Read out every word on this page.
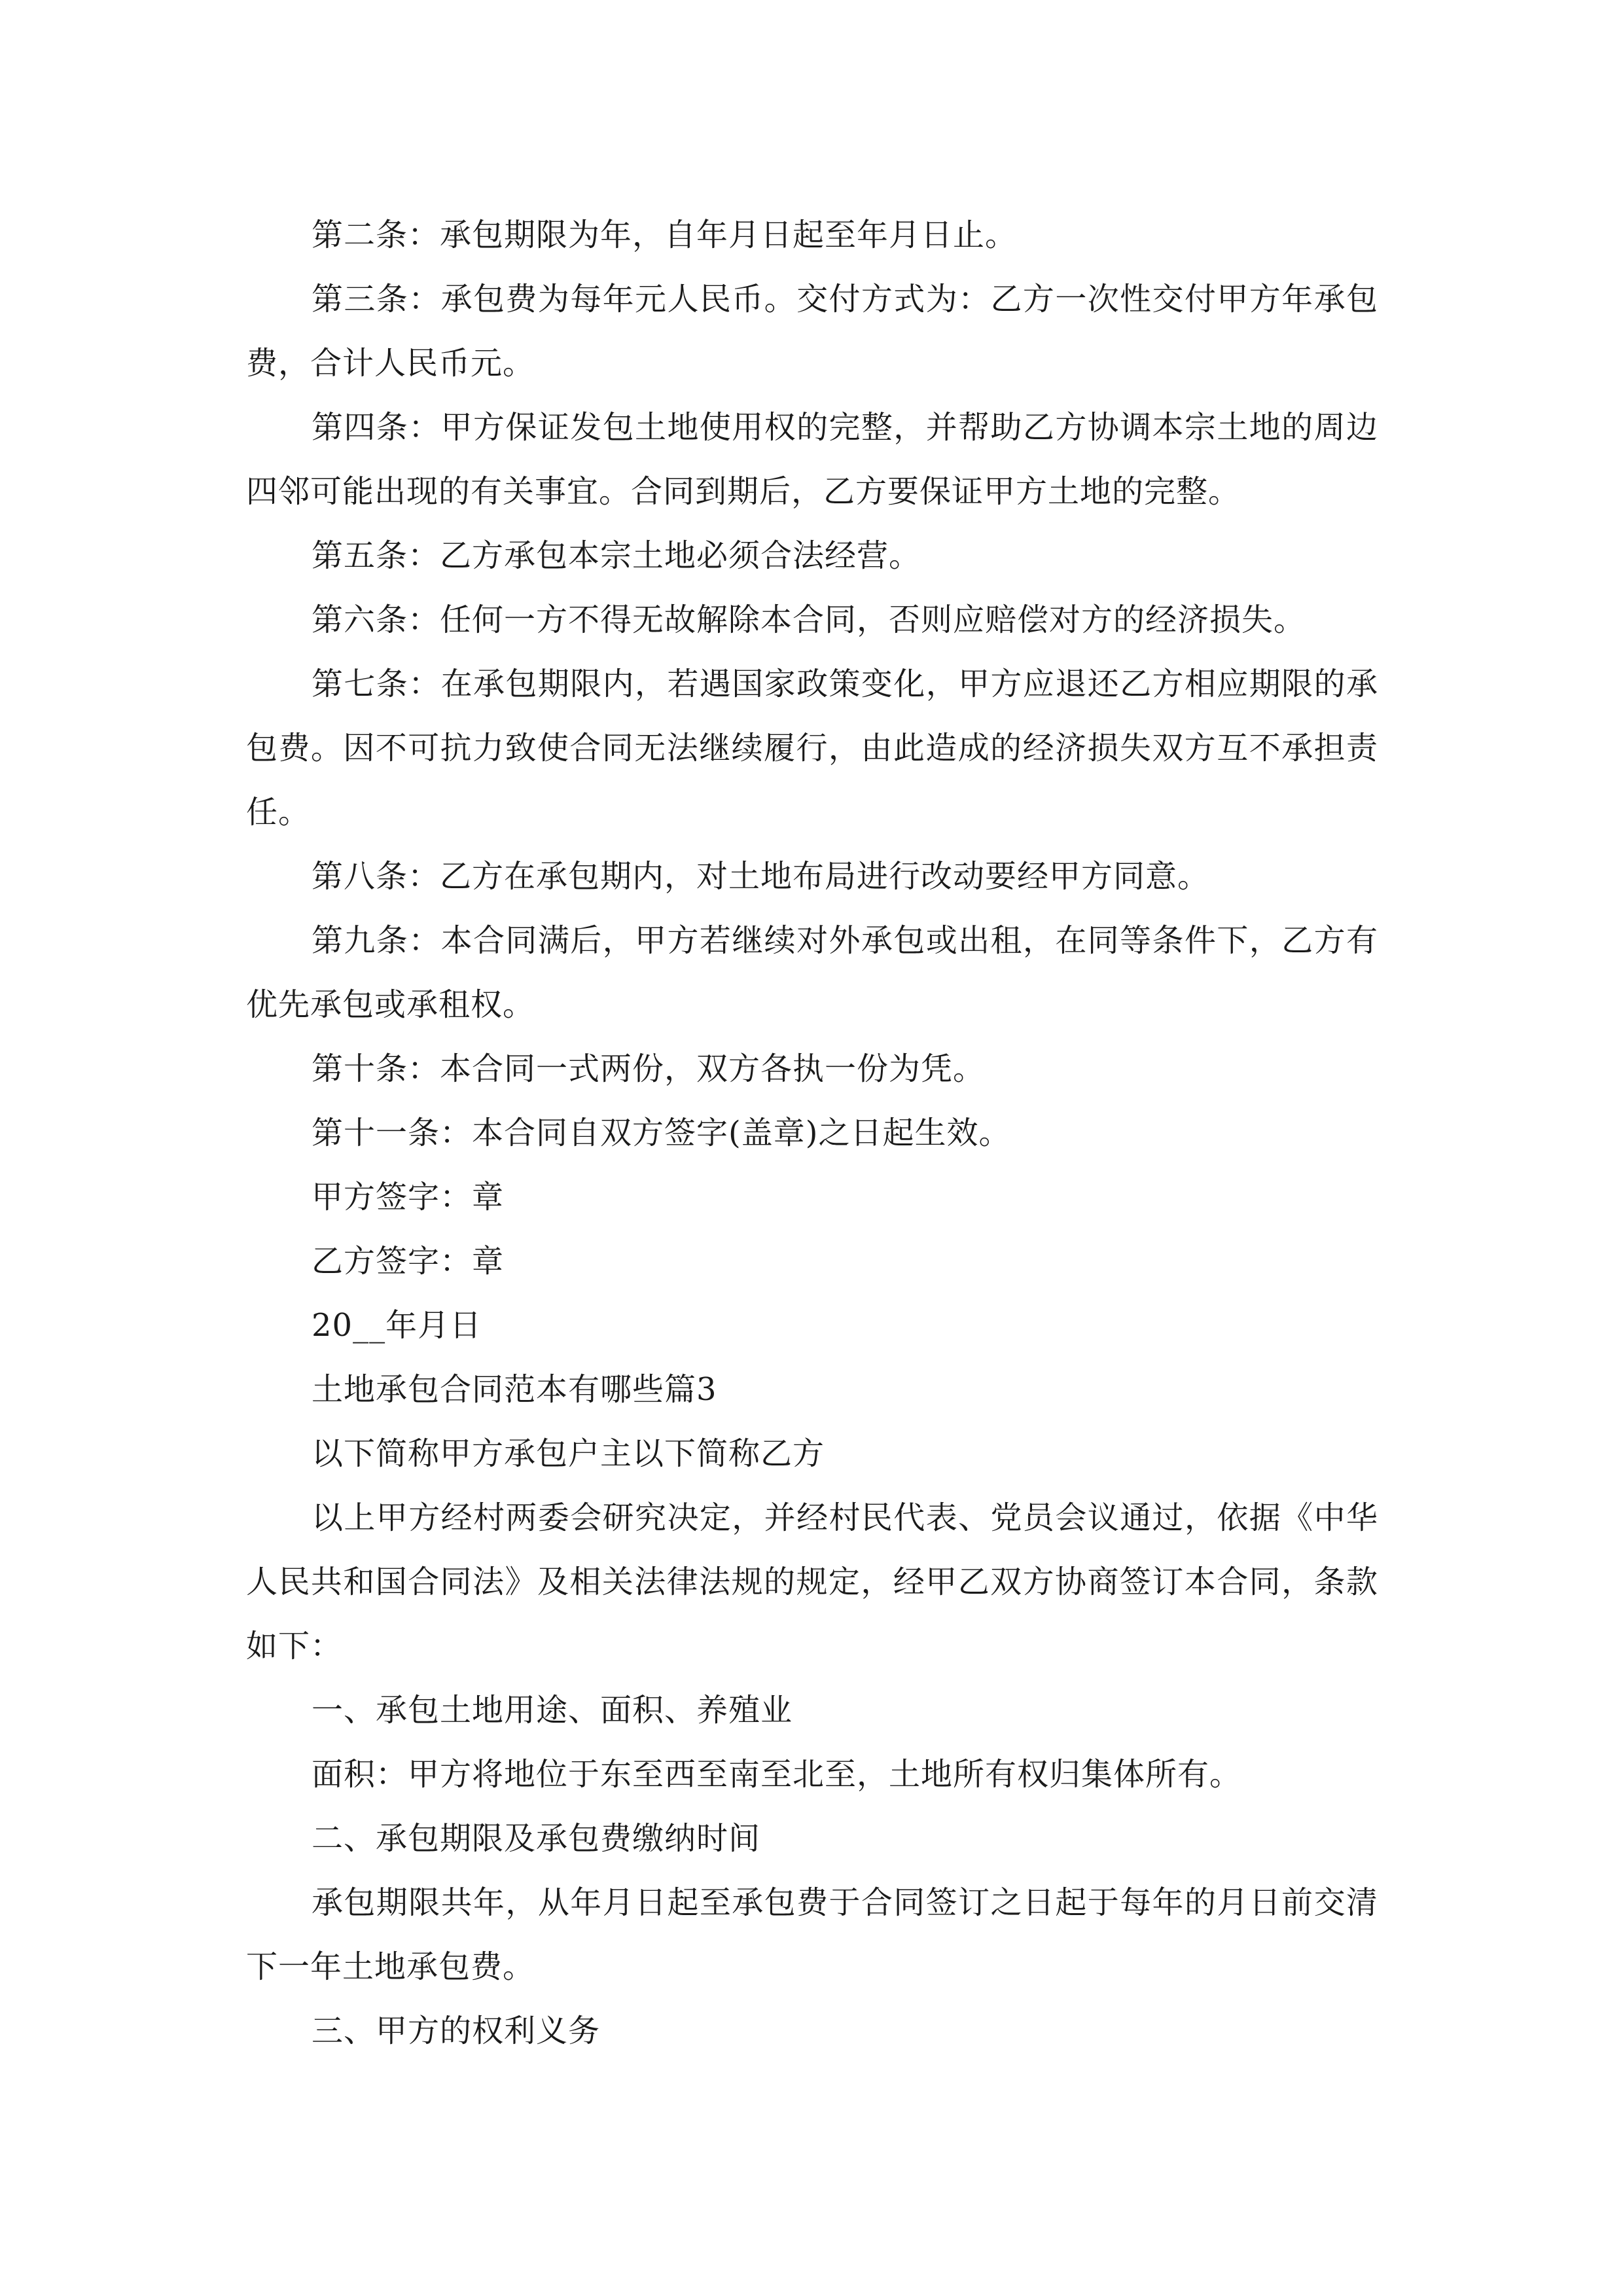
第二条：承包期限为年，自年月日起至年月日止。

第三条：承包费为每年元人民币。交付方式为：乙方一次性交付甲方年承包费，合计人民币元。

第四条：甲方保证发包土地使用权的完整，并帮助乙方协调本宗土地的周边四邻可能出现的有关事宜。合同到期后，乙方要保证甲方土地的完整。

第五条：乙方承包本宗土地必须合法经营。

第六条：任何一方不得无故解除本合同，否则应赔偿对方的经济损失。

第七条：在承包期限内，若遇国家政策变化，甲方应退还乙方相应期限的承包费。因不可抗力致使合同无法继续履行，由此造成的经济损失双方互不承担责任。

第八条：乙方在承包期内，对土地布局进行改动要经甲方同意。

第九条：本合同满后，甲方若继续对外承包或出租，在同等条件下，乙方有优先承包或承租权。

第十条：本合同一式两份，双方各执一份为凭。

第十一条：本合同自双方签字(盖章)之日起生效。

甲方签字：章

乙方签字：章

20__年月日

土地承包合同范本有哪些篇3

以下简称甲方承包户主以下简称乙方

以上甲方经村两委会研究决定，并经村民代表、党员会议通过，依据《中华人民共和国合同法》及相关法律法规的规定，经甲乙双方协商签订本合同，条款如下：

一、承包土地用途、面积、养殖业

面积：甲方将地位于东至西至南至北至，土地所有权归集体所有。

二、承包期限及承包费缴纳时间

承包期限共年，从年月日起至承包费于合同签订之日起于每年的月日前交清下一年土地承包费。

三、甲方的权利义务
